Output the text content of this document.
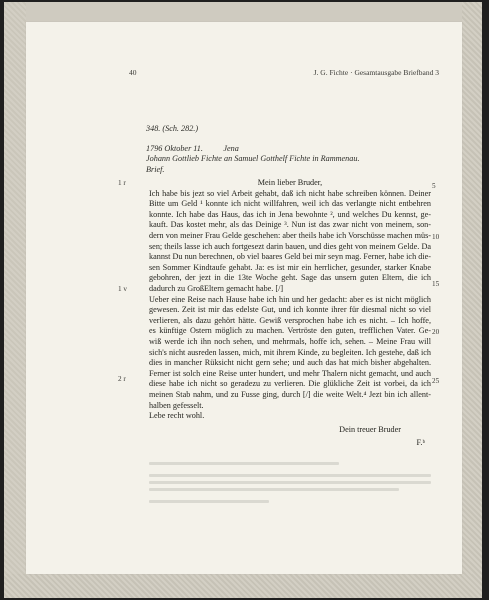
40	J. G. Fichte · Gesamtausgabe Briefband 3
348. (Sch. 282.)
1796 Oktober 11.          Jena
Johann Gottlieb Fichte an Samuel Gotthelf Fichte in Rammenau.
Brief.
Mein lieber Bruder,
Ich habe bis jezt so viel Arbeit gehabt, daß ich nicht habe schreiben können. Deiner
Bitte um Geld ¹ konnte ich nicht willfahren, weil ich das verlangte nicht entbehren
konnte. Ich habe das Haus, das ich in Jena bewohnte ², und welches Du kennst, ge-
kauft. Das kostet mehr, als das Deinige ³. Nun ist das zwar nicht von meinem, son-
dern von meiner Frau Gelde geschehen: aber theils habe ich Vorschüsse machen müs-
sen; theils lasse ich auch fortgesezt darin bauen, und dies geht von meinem Gelde. Da
kannst Du nun berechnen, ob viel baares Geld bei mir seyn mag. Ferner, habe ich die-
sen Sommer Kindtaufe gehabt. Ja: es ist mir ein herrlicher, gesunder, starker Knabe
gebohren, der jezt in die 13te Woche geht. Sage das unsern guten Eltern, die ich
dadurch zu GroßEltern gemacht habe. [/]
Ueber eine Reise nach Hause habe ich hin und her gedacht: aber es ist nicht möglich
gewesen. Zeit ist mir das edelste Gut, und ich konnte ihrer für diesmal nicht so viel
verlieren, als dazu gehört hätte. Gewiß versprochen habe ich es nicht. – Ich hoffe,
es künftige Ostern möglich zu machen. Vertröste den guten, trefflichen Vater. Ge-
wiß werde ich ihn noch sehen, und mehrmals, hoffe ich, sehen. – Meine Frau will
sich's nicht ausreden lassen, mich, mit ihrem Kinde, zu begleiten. Ich gestehe, daß ich
dies in mancher Rüksicht nicht gern sehe; und auch das hat mich bisher abgehalten.
Ferner ist solch eine Reise unter hundert, und mehr Thalern nicht gemacht, und auch
diese habe ich nicht so geradezu zu verlieren. Die glükliche Zeit ist vorbei, da ich
meinen Stab nahm, und zu Fusse ging, durch [/] die weite Welt.⁴ Jezt bin ich allent-
halben gefesselt.
Lebe recht wohl.
Dein treuer Bruder
F.ᵇ
1 r
1 v
2 r
5
10
15
20
25
